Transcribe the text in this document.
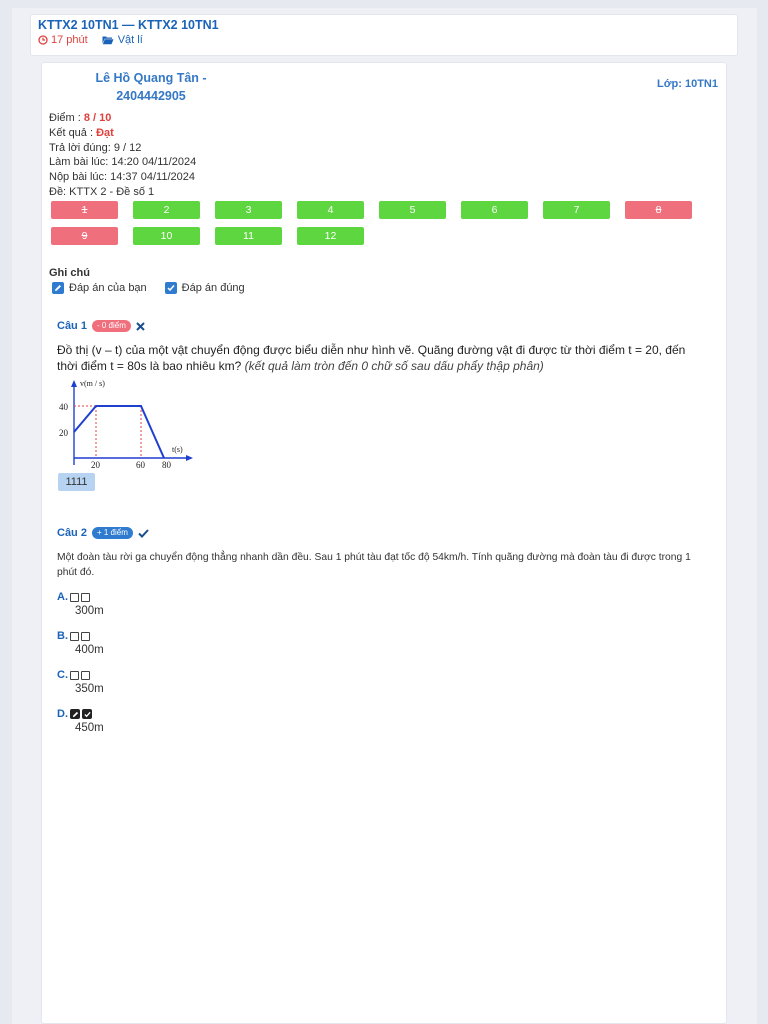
KTTX2 10TN1 — KTTX2 10TN1
17 phút	Vật lí
Lê Hồ Quang Tân - 2404442905
Lớp: 10TN1
Điểm : 8 / 10
Kết quả : Đạt
Trả lời đúng: 9 / 12
Làm bài lúc: 14:20 04/11/2024
Nộp bài lúc: 14:37 04/11/2024
Đề: KTTX 2 - Đề số 1
1	2	3	4	5	6	7	8
9	10	11	12
Ghi chú
Đáp án của bạn	Đáp án đúng
Câu 1	- 0 điểm
Đồ thị (v – t) của một vật chuyển động được biểu diễn như hình vẽ. Quãng đường vật đi được từ thời điểm t = 20, đến thời điểm t = 80s là bao nhiêu km? (kết quả làm tròn đến 0 chữ số sau dấu phẩy thập phân)
v(m / s)
t(s)
40
20
20	60 80
1111
Câu 2	+ 1 điểm
Một đoàn tàu rời ga chuyển động thẳng nhanh dần đều. Sau 1 phút tàu đạt tốc độ 54km/h. Tính quãng đường mà đoàn tàu đi được trong 1 phút đó.
A.
300m
B.
400m
C.
350m
D.
450m
